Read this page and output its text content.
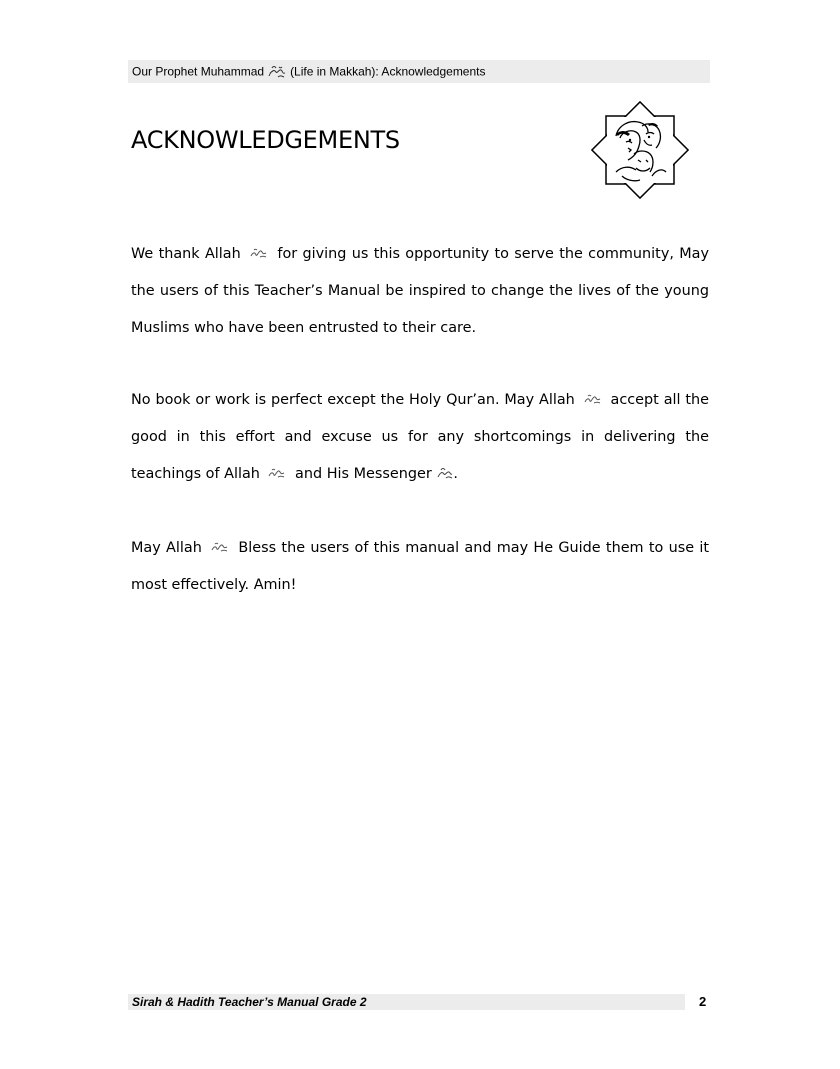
Our Prophet Muhammad (Life in Makkah): Acknowledgements
ACKNOWLEDGEMENTS

We thank Allah
for giving us this opportunity to serve the community, May the users of this Teacher’s Manual be inspired to change the lives of the young Muslims who have been entrusted to their care.

No book or work is perfect except the Holy Qur’an. May Allah
accept all the good in this effort and excuse us for any shortcomings in delivering the teachings of Allah
and His Messenger
.

May Allah
Bless the users of this manual and may He Guide them to use it most effectively. Amin!

Sirah & Hadith Teacher’s Manual Grade 2	2
